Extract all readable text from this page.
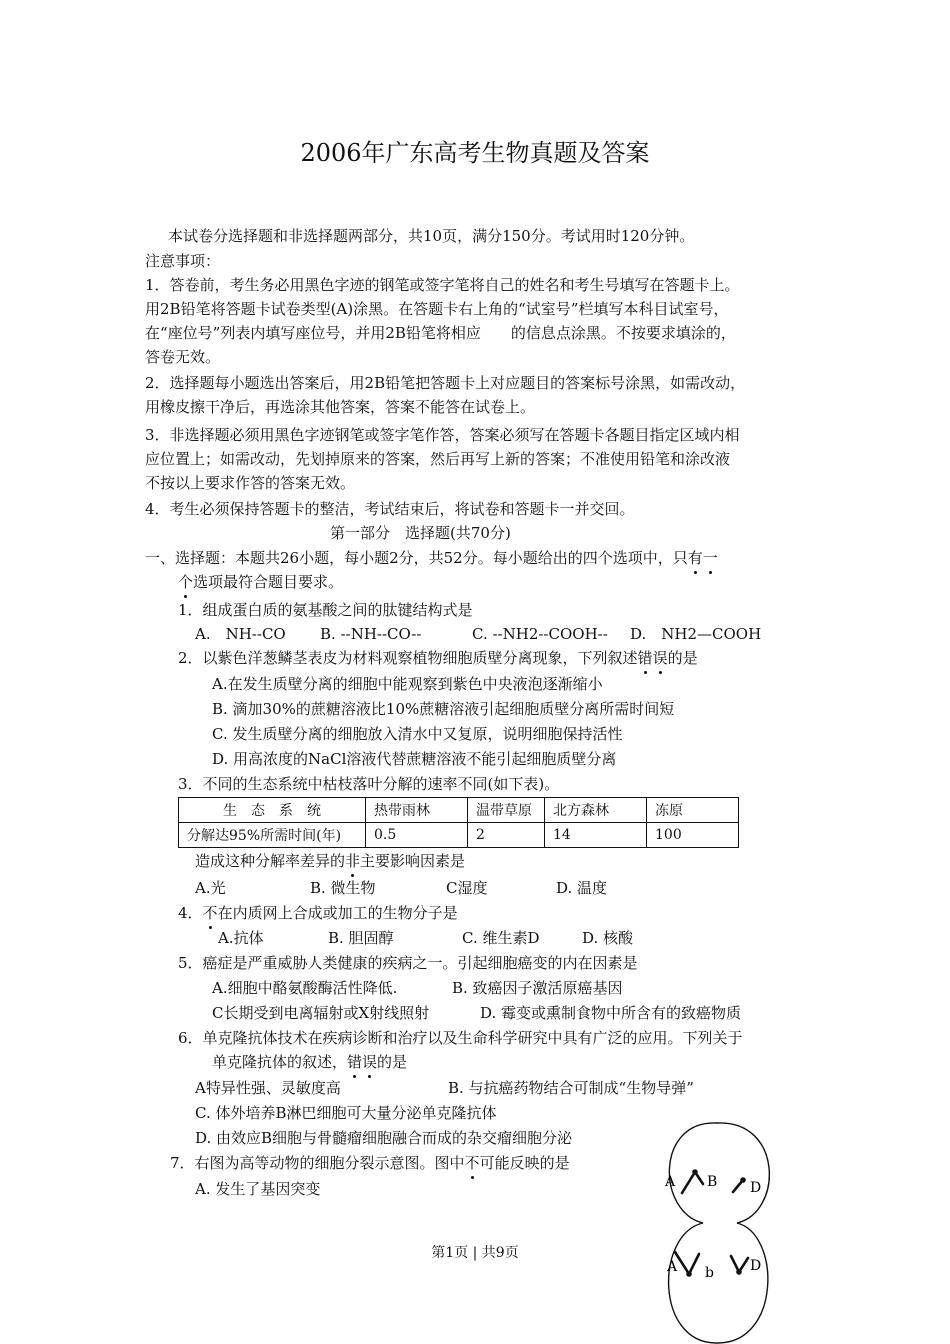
2006年广东高考生物真题及答案
本试卷分选择题和非选择题两部分，共10页，满分150分。考试用时120分钟。
注意事项：
1．答卷前，考生务必用黑色字迹的钢笔或签字笔将自己的姓名和考生号填写在答题卡上。
用2B铅笔将答题卡试卷类型(A)涂黑。在答题卡右上角的“试室号”栏填写本科目试室号，
在“座位号”列表内填写座位号，并用2B铅笔将相应　　的信息点涂黑。不按要求填涂的，
答卷无效。
2．选择题每小题选出答案后，用2B铅笔把答题卡上对应题目的答案标号涂黑，如需改动，
用橡皮擦干净后，再选涂其他答案，答案不能答在试卷上。
3．非选择题必须用黑色字迹钢笔或签字笔作答，答案必须写在答题卡各题目指定区域内相
应位置上；如需改动，先划掉原来的答案，然后再写上新的答案；不准使用铅笔和涂改液
不按以上要求作答的答案无效。
4．考生必须保持答题卡的整洁，考试结束后，将试卷和答题卡一并交回。
第一部分　选择题(共70分)
一、选择题：本题共26小题，每小题2分，共52分。每小题给出的四个选项中，只有一
个选项最符合题目要求。
1．组成蛋白质的氨基酸之间的肽键结构式是
A.　NH--CO B. --NH--CO--	C. --NH2--COOH-- D.　NH2—COOH
2．以紫色洋葱鳞茎表皮为材料观察植物细胞质壁分离现象，下列叙述错误的是
A.在发生质壁分离的细胞中能观察到紫色中央液泡逐渐缩小
B. 滴加30%的蔗糖溶液比10%蔗糖溶液引起细胞质壁分离所需时间短
C. 发生质壁分离的细胞放入清水中又复原，说明细胞保持活性
D. 用高浓度的NaCl溶液代替蔗糖溶液不能引起细胞质壁分离
3．不同的生态系统中枯枝落叶分解的速率不同(如下表)。
生　态　系　统	热带雨林	温带草原	北方森林	冻原
分解达95%所需时间(年)	0.5	2	14	100
造成这种分解率差异的非主要影响因素是
A.光	B. 微生物	C湿度	D. 温度
4．不在内质网上合成或加工的生物分子是
A.抗体	B. 胆固醇	C. 维生素D	D. 核酸
5．癌症是严重威胁人类健康的疾病之一。引起细胞癌变的内在因素是
A.细胞中酪氨酸酶活性降低.	B. 致癌因子激活原癌基因
C长期受到电离辐射或X射线照射	D. 霉变或熏制食物中所含有的致癌物质
6．单克隆抗体技术在疾病诊断和治疗以及生命科学研究中具有广泛的应用。下列关于
单克隆抗体的叙述，错误的是
A特异性强、灵敏度高	B. 与抗癌药物结合可制成“生物导弹”
C. 体外培养B淋巴细胞可大量分泌单克隆抗体
D. 由效应B细胞与骨髓瘤细胞融合而成的杂交瘤细胞分泌
7．右图为高等动物的细胞分裂示意图。图中不可能反映的是
A. 发生了基因突变	A B D
A b	D
第1页 | 共9页
